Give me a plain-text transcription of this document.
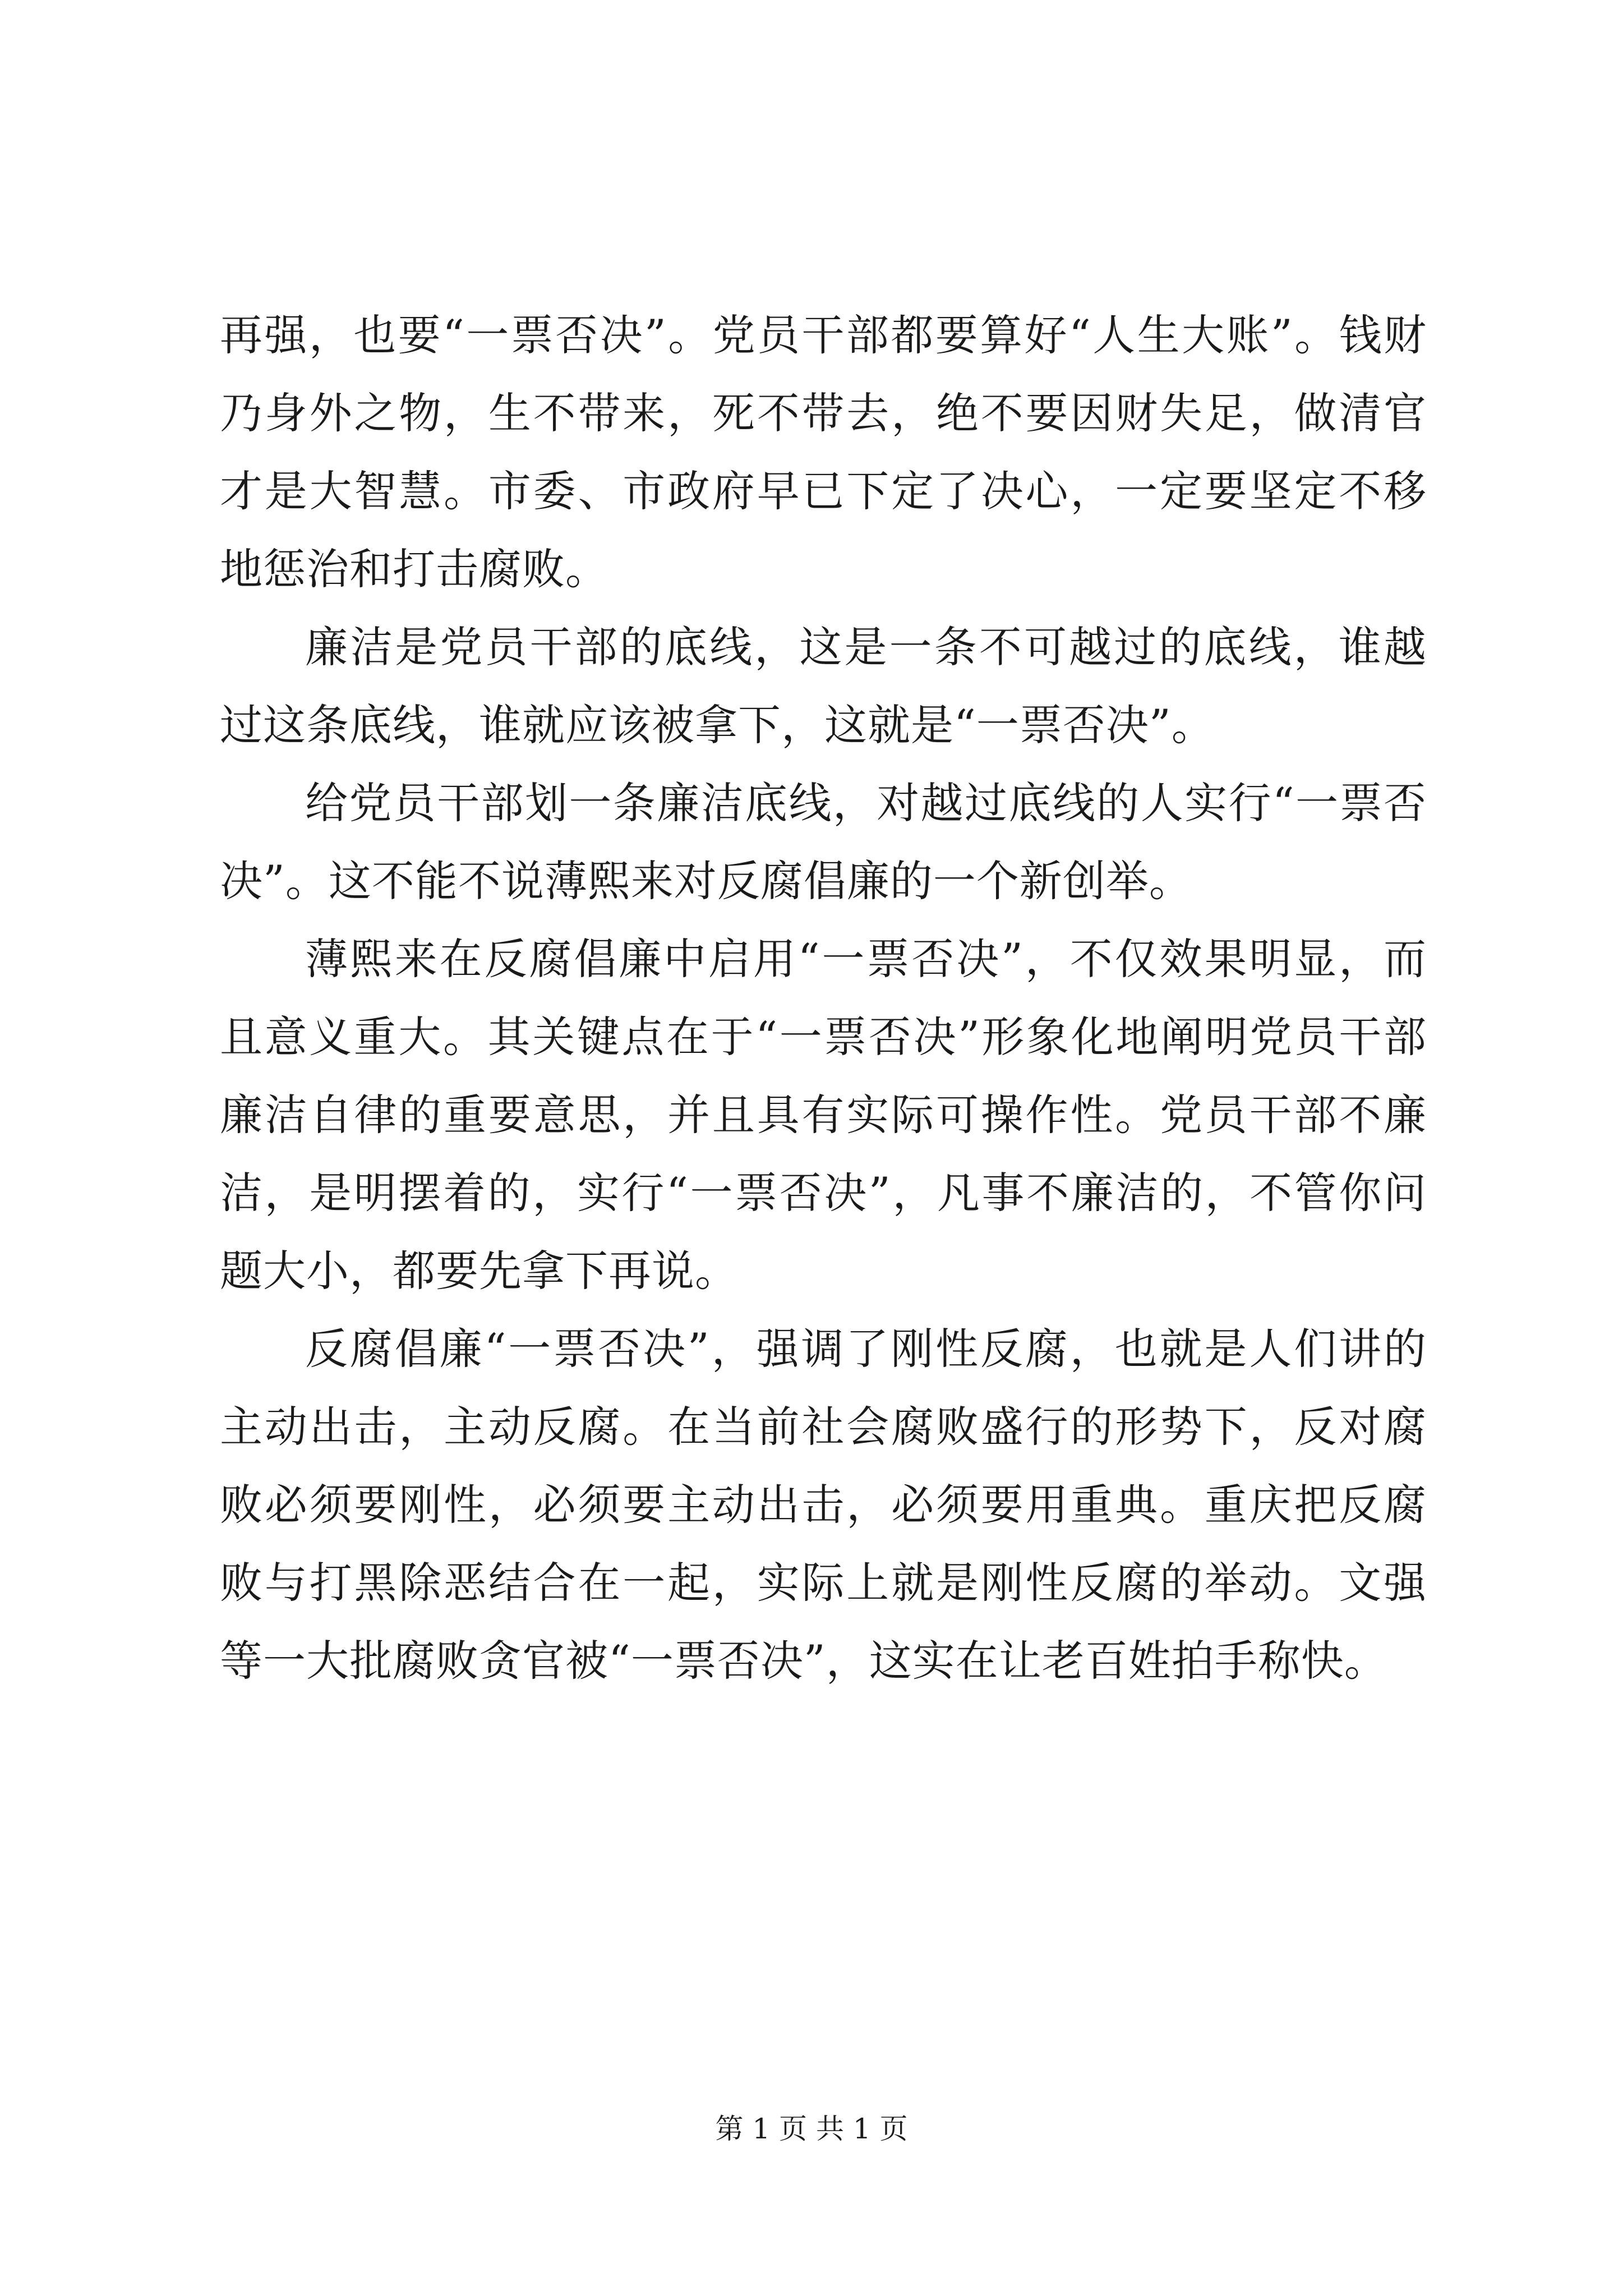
再强，也要“一票否决”。党员干部都要算好“人生大账”。钱财乃身外之物，生不带来，死不带去，绝不要因财失足，做清官才是大智慧。市委、市政府早已下定了决心，一定要坚定不移地惩治和打击腐败。

廉洁是党员干部的底线，这是一条不可越过的底线，谁越过这条底线，谁就应该被拿下，这就是“一票否决”。

给党员干部划一条廉洁底线，对越过底线的人实行“一票否决”。这不能不说薄熙来对反腐倡廉的一个新创举。

薄熙来在反腐倡廉中启用“一票否决”，不仅效果明显，而且意义重大。其关键点在于“一票否决”形象化地阐明党员干部廉洁自律的重要意思，并且具有实际可操作性。党员干部不廉洁，是明摆着的，实行“一票否决”，凡事不廉洁的，不管你问题大小，都要先拿下再说。

反腐倡廉“一票否决”，强调了刚性反腐，也就是人们讲的主动出击，主动反腐。在当前社会腐败盛行的形势下，反对腐败必须要刚性，必须要主动出击，必须要用重典。重庆把反腐败与打黑除恶结合在一起，实际上就是刚性反腐的举动。文强等一大批腐败贪官被“一票否决”，这实在让老百姓拍手称快。

第 1 页 共 1 页
